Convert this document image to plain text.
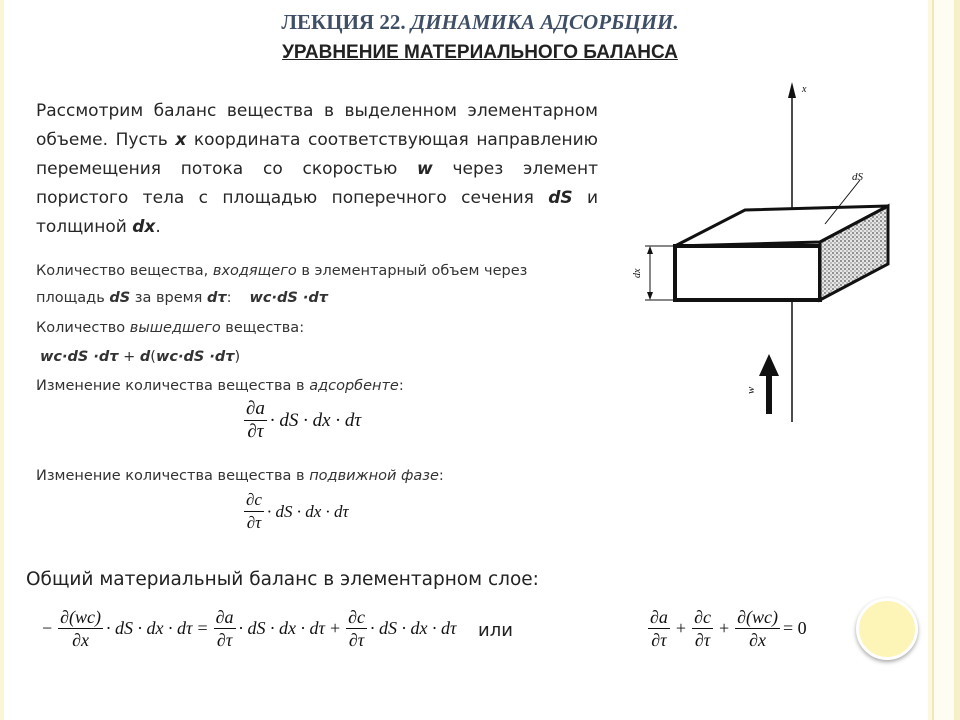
ЛЕКЦИЯ 22. ДИНАМИКА АДСОРБЦИИ.
УРАВНЕНИЕ МАТЕРИАЛЬНОГО БАЛАНСА
Рассмотрим баланс вещества в выделенном элементарном объеме. Пусть x координата соответствующая направлению перемещения потока со скоростью w через элемент пористого тела с площадью поперечного сечения dS и толщиной dx.
Количество вещества, входящего в элементарный объем через
площадь dS за время dτ: wc·dS ·dτ
Количество вышедшего вещества:
wc·dS ·dτ + d(wc·dS ·dτ)
Изменение количества вещества в адсорбенте:
$\frac{\partial a}{\partial\tau}$ · dS · dx · dτ
Изменение количества вещества в подвижной фазе:
$\frac{\partial c}{\partial\tau}$ · dS · dx · dτ
Общий материальный баланс в элементарном слое:
− $\frac{\partial(wc)}{\partial x}$ · dS · dx · $d\tau = \frac{\partial a}{\partial\tau}$ · dS · dx · $d\tau + \frac{\partial c}{\partial\tau}$ · dS · dx · dτ или	$\frac{\partial a}{\partial\tau} + \frac{\partial c}{\partial\tau} + \frac{\partial(wc)}{\partial x} = 0$
x
dS
dx
w
